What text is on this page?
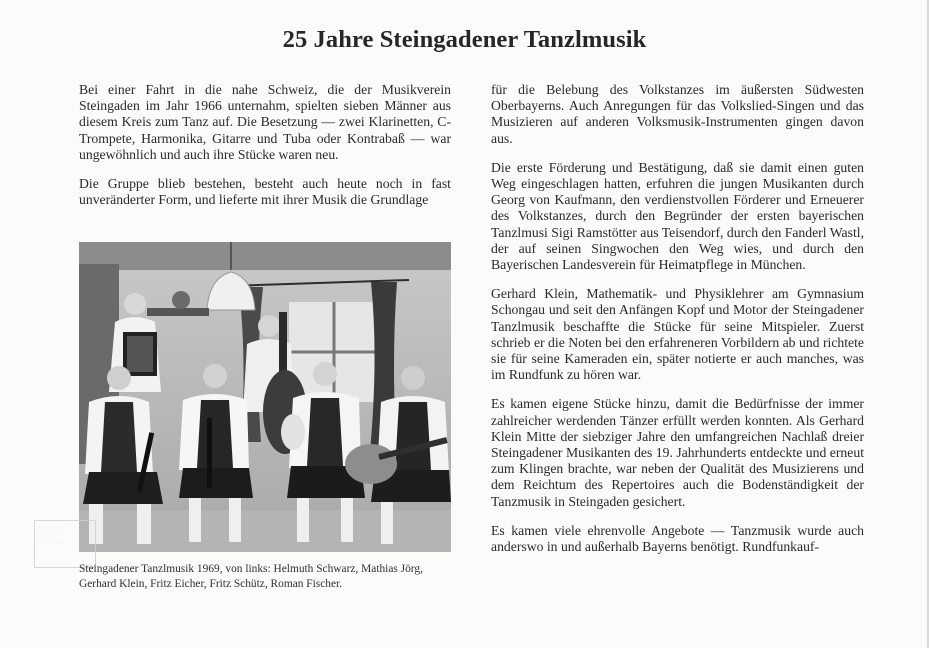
25 Jahre Steingadener Tanzlmusik

Bei einer Fahrt in die nahe Schweiz, die der Musikverein Steingaden im Jahr 1966 unternahm, spielten sieben Männer aus diesem Kreis zum Tanz auf. Die Besetzung — zwei Klarinetten, C-Trompete, Harmonika, Gitarre und Tuba oder Kontrabaß — war ungewöhnlich und auch ihre Stücke waren neu.

Die Gruppe blieb bestehen, besteht auch heute noch in fast unveränderter Form, und lieferte mit ihrer Musik die Grundlage

· · · · · · · ·
· · · · · · ·
· · · · · · · ·
Steingadener Tanzlmusik 1969, von links: Helmuth Schwarz, Mathias Jörg, Gerhard Klein, Fritz Eicher, Fritz Schütz, Roman Fischer.

für die Belebung des Volkstanzes im äußersten Südwesten Oberbayerns. Auch Anregungen für das Volkslied-Singen und das Musizieren auf anderen Volksmusik-Instrumenten gingen davon aus.

Die erste Förderung und Bestätigung, daß sie damit einen guten Weg eingeschlagen hatten, erfuhren die jungen Musikanten durch Georg von Kaufmann, den verdienstvollen Förderer und Erneuerer des Volkstanzes, durch den Begründer der ersten bayerischen Tanzlmusi Sigi Ramstötter aus Teisendorf, durch den Fanderl Wastl, der auf seinen Singwochen den Weg wies, und durch den Bayerischen Landesverein für Heimatpflege in München.

Gerhard Klein, Mathematik- und Physiklehrer am Gymnasium Schongau und seit den Anfängen Kopf und Motor der Steingadener Tanzlmusik beschaffte die Stücke für seine Mitspieler. Zuerst schrieb er die Noten bei den erfahreneren Vorbildern ab und richtete sie für seine Kameraden ein, später notierte er auch manches, was im Rundfunk zu hören war.

Es kamen eigene Stücke hinzu, damit die Bedürfnisse der immer zahlreicher werdenden Tänzer erfüllt werden konnten. Als Gerhard Klein Mitte der siebziger Jahre den umfangreichen Nachlaß dreier Steingadener Musikanten des 19. Jahrhunderts entdeckte und erneut zum Klingen brachte, war neben der Qualität des Musizierens und dem Reichtum des Repertoires auch die Bodenständigkeit der Tanzmusik in Steingaden gesichert.

Es kamen viele ehrenvolle Angebote — Tanzmusik wurde auch anderswo in und außerhalb Bayerns benötigt. Rundfunkauf-
